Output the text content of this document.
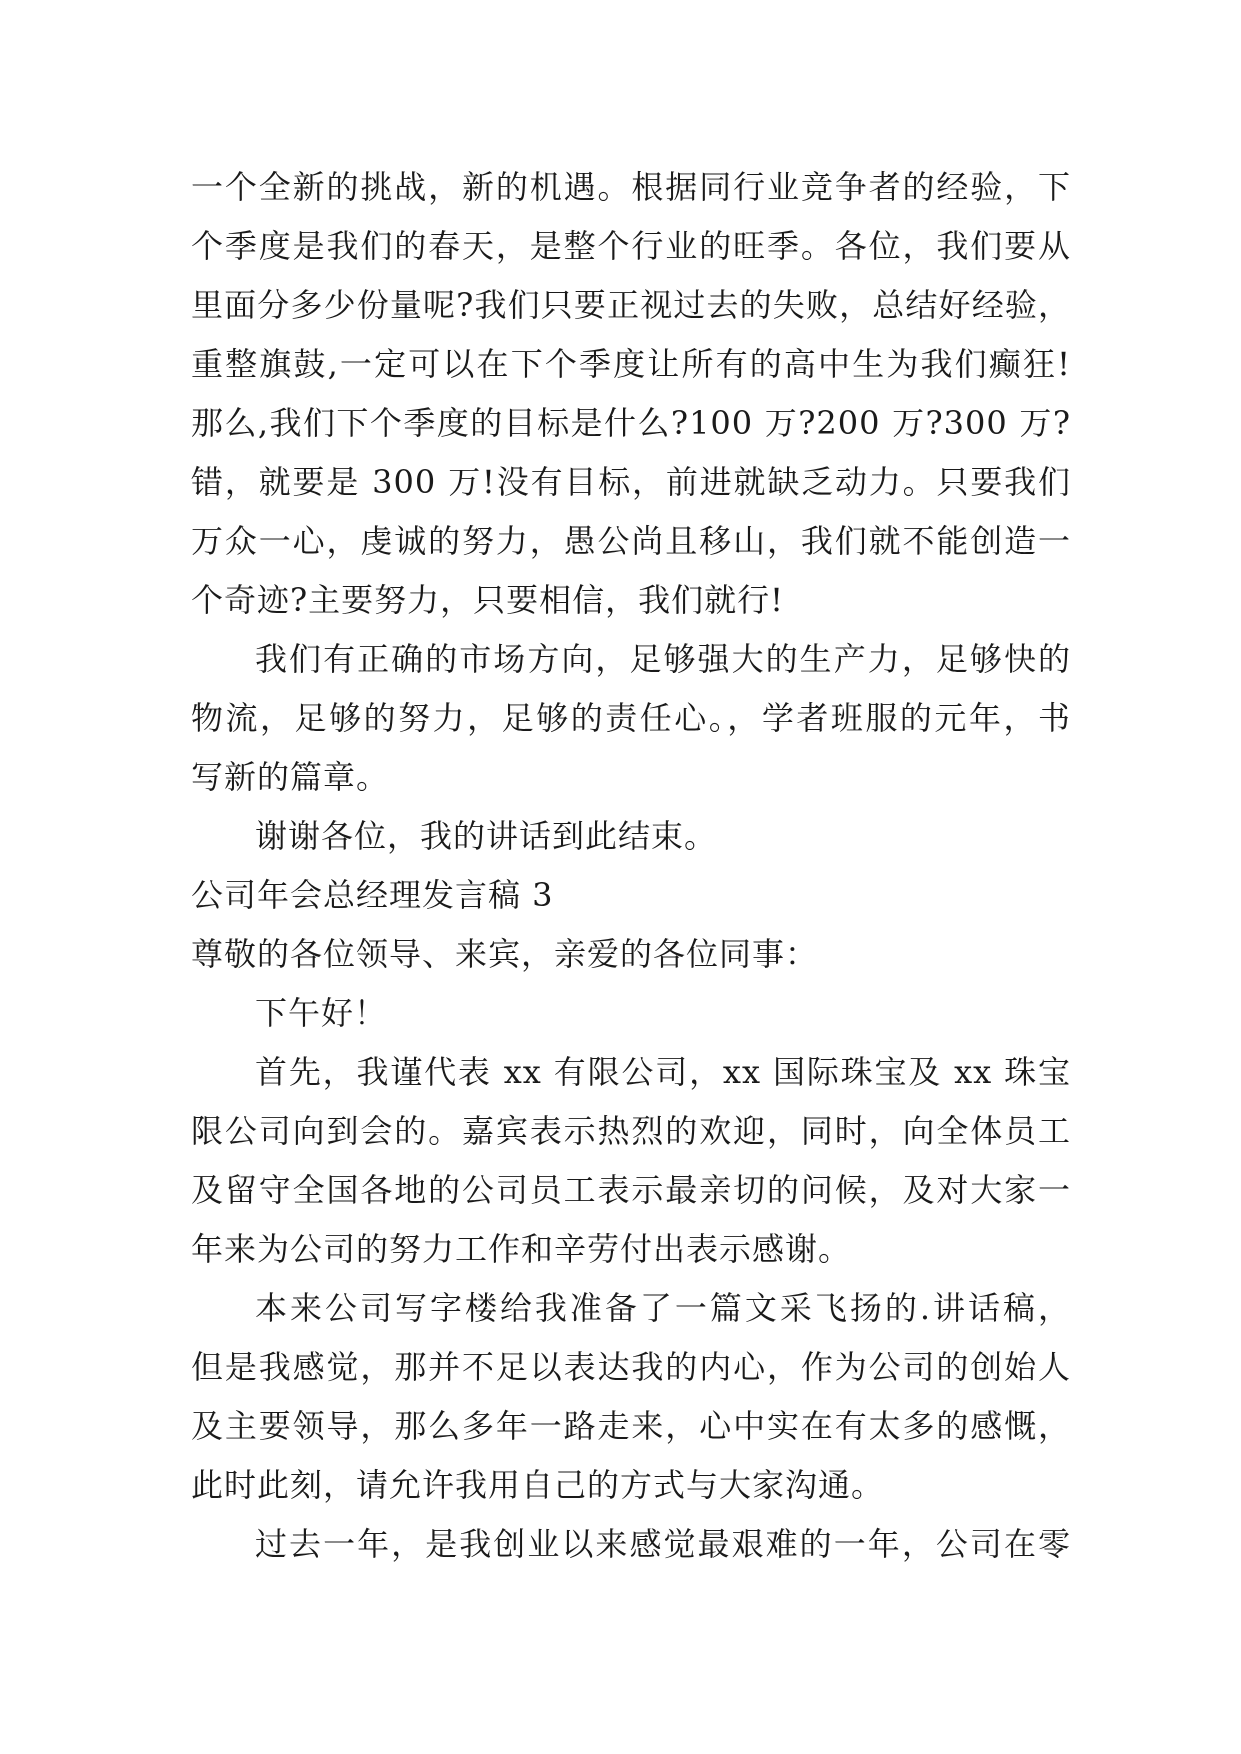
一个全新的挑战，新的机遇。根据同行业竞争者的经验，下
个季度是我们的春天，是整个行业的旺季。各位，我们要从
里面分多少份量呢?我们只要正视过去的失败，总结好经验，
重整旗鼓,一定可以在下个季度让所有的高中生为我们癫狂!
那么,我们下个季度的目标是什么?100 万?200 万?300 万?
错，就要是 300 万!没有目标，前进就缺乏动力。只要我们
万众一心，虔诚的努力，愚公尚且移山，我们就不能创造一
个奇迹?主要努力，只要相信，我们就行!
我们有正确的市场方向，足够强大的生产力，足够快的
物流，足够的努力，足够的责任心。，学者班服的元年，书
写新的篇章。
谢谢各位，我的讲话到此结束。
公司年会总经理发言稿 3
尊敬的各位领导、来宾，亲爱的各位同事：
下午好！
首先，我谨代表 xx 有限公司，xx 国际珠宝及 xx 珠宝
限公司向到会的。嘉宾表示热烈的欢迎，同时，向全体员工
及留守全国各地的公司员工表示最亲切的问候，及对大家一
年来为公司的努力工作和辛劳付出表示感谢。
本来公司写字楼给我准备了一篇文采飞扬的.讲话稿，
但是我感觉，那并不足以表达我的内心，作为公司的创始人
及主要领导，那么多年一路走来，心中实在有太多的感慨，
此时此刻，请允许我用自己的方式与大家沟通。
过去一年，是我创业以来感觉最艰难的一年，公司在零
